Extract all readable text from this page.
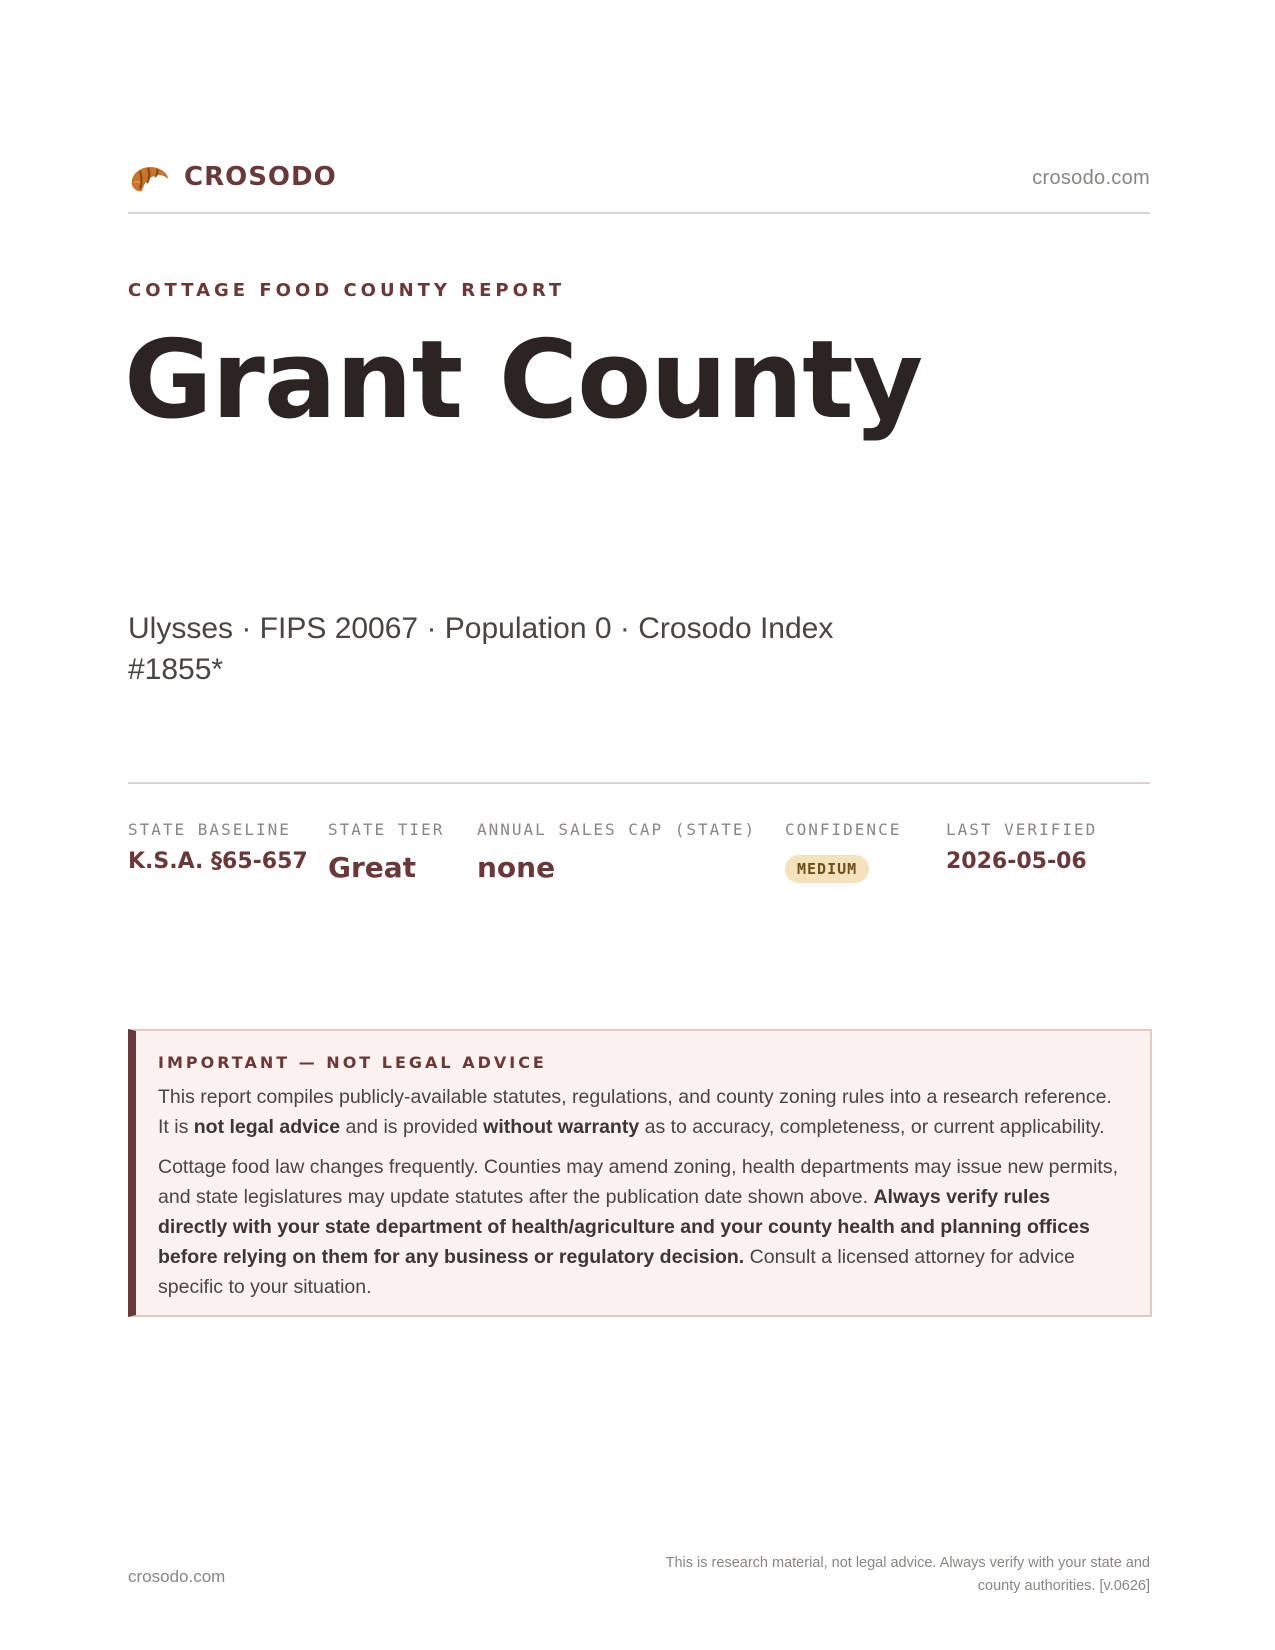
CROSODO	crosodo.com
COTTAGE FOOD COUNTY REPORT
Grant County
Ulysses · FIPS 20067 · Population 0 · Crosodo Index #1855*
STATE BASELINE
K.S.A. §65-657
STATE TIER
Great
ANNUAL SALES CAP (STATE)
none
CONFIDENCE
MEDIUM
LAST VERIFIED
2026-05-06
IMPORTANT — NOT LEGAL ADVICE

This report compiles publicly-available statutes, regulations, and county zoning rules into a research reference. It is not legal advice and is provided without warranty as to accuracy, completeness, or current applicability.

Cottage food law changes frequently. Counties may amend zoning, health departments may issue new permits, and state legislatures may update statutes after the publication date shown above. Always verify rules directly with your state department of health/agriculture and your county health and planning offices before relying on them for any business or regulatory decision. Consult a licensed attorney for advice specific to your situation.

crosodo.com
This is research material, not legal advice. Always verify with your state and county authorities. [v.0626]
